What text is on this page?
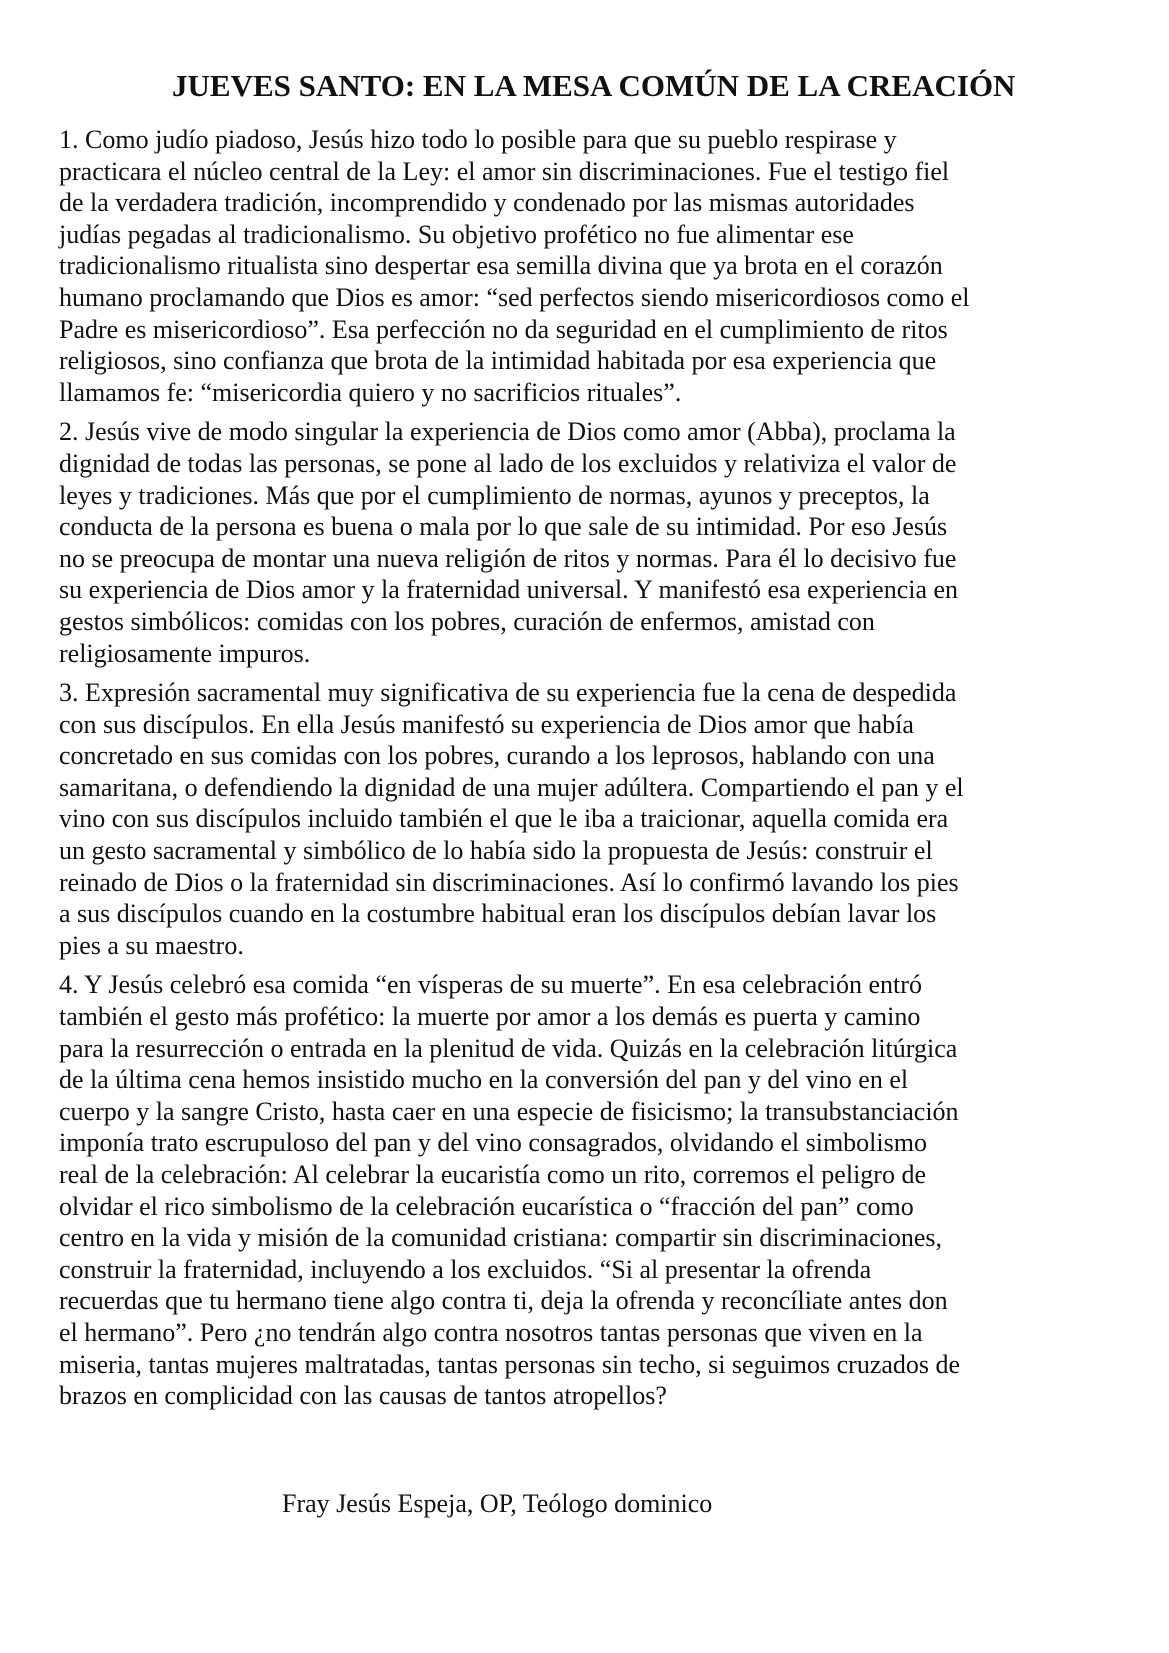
JUEVES SANTO: EN LA MESA COMÚN DE LA CREACIÓN

1. Como judío piadoso, Jesús hizo todo lo posible para que su pueblo respirase y
practicara el núcleo central de la Ley: el amor sin discriminaciones. Fue el testigo fiel
de la verdadera tradición, incomprendido y condenado por las mismas autoridades
judías pegadas al tradicionalismo. Su objetivo profético no fue alimentar ese
tradicionalismo ritualista sino despertar esa semilla divina que ya brota en el corazón
humano proclamando que Dios es amor: “sed perfectos siendo misericordiosos como el
Padre es misericordioso”. Esa perfección no da seguridad en el cumplimiento de ritos
religiosos, sino confianza que brota de la intimidad habitada por esa experiencia que
llamamos fe: “misericordia quiero y no sacrificios rituales”.

2. Jesús vive de modo singular la experiencia de Dios como amor (Abba), proclama la
dignidad de todas las personas, se pone al lado de los excluidos y relativiza el valor de
leyes y tradiciones. Más que por el cumplimiento de normas, ayunos y preceptos, la
conducta de la persona es buena o mala por lo que sale de su intimidad. Por eso Jesús
no se preocupa de montar una nueva religión de ritos y normas. Para él lo decisivo fue
su experiencia de Dios amor y la fraternidad universal. Y manifestó esa experiencia en
gestos simbólicos: comidas con los pobres, curación de enfermos, amistad con
religiosamente impuros.

3. Expresión sacramental muy significativa de su experiencia fue la cena de despedida
con sus discípulos. En ella Jesús manifestó su experiencia de Dios amor que había
concretado en sus comidas con los pobres, curando a los leprosos, hablando con una
samaritana, o defendiendo la dignidad de una mujer adúltera. Compartiendo el pan y el
vino con sus discípulos incluido también el que le iba a traicionar, aquella comida era
un gesto sacramental y simbólico de lo había sido la propuesta de Jesús: construir el
reinado de Dios o la fraternidad sin discriminaciones. Así lo confirmó lavando los pies
a sus discípulos cuando en la costumbre habitual eran los discípulos debían lavar los
pies a su maestro.

4. Y Jesús celebró esa comida “en vísperas de su muerte”. En esa celebración entró
también el gesto más profético: la muerte por amor a los demás es puerta y camino
para la resurrección o entrada en la plenitud de vida. Quizás en la celebración litúrgica
de la última cena hemos insistido mucho en la conversión del pan y del vino en el
cuerpo y la sangre Cristo, hasta caer en una especie de fisicismo; la transubstanciación
imponía trato escrupuloso del pan y del vino consagrados, olvidando el simbolismo
real de la celebración: Al celebrar la eucaristía como un rito, corremos el peligro de
olvidar el rico simbolismo de la celebración eucarística o “fracción del pan” como
centro en la vida y misión de la comunidad cristiana: compartir sin discriminaciones,
construir la fraternidad, incluyendo a los excluidos. “Si al presentar la ofrenda
recuerdas que tu hermano tiene algo contra ti, deja la ofrenda y reconcíliate antes don
el hermano”. Pero ¿no tendrán algo contra nosotros tantas personas que viven en la
miseria, tantas mujeres maltratadas, tantas personas sin techo, si seguimos cruzados de
brazos en complicidad con las causas de tantos atropellos?

Fray Jesús Espeja, OP, Teólogo dominico
